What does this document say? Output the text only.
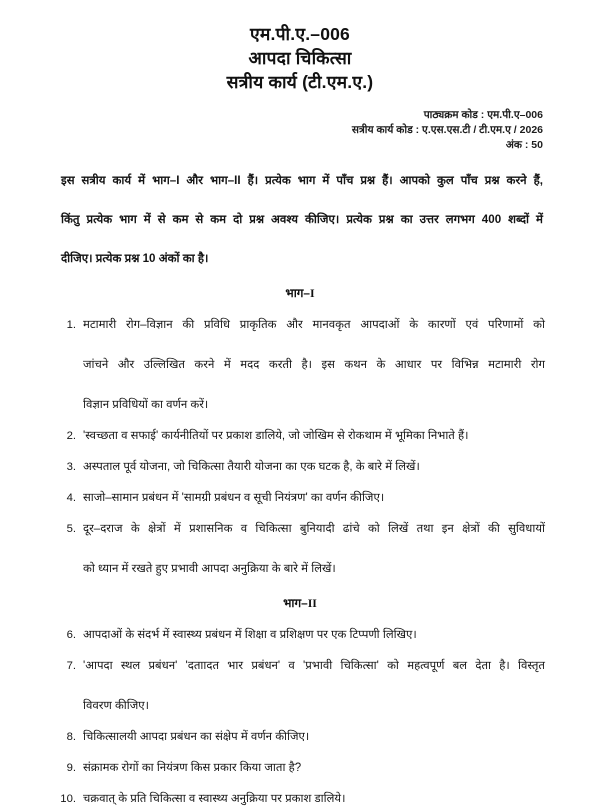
एम.पी.ए.–006
आपदा चिकित्सा
सत्रीय कार्य (टी.एम.ए.)
पाठ्यक्रम कोड : एम.पी.ए–006
सत्रीय कार्य कोड : ए.एस.एस.टी / टी.एम.ए / 2026
अंक : 50
इस सत्रीय कार्य में भाग–I और भाग–II हैं। प्रत्येक भाग में पाँच प्रश्न हैं। आपको कुल पाँच प्रश्न करने हैं,
किंतु प्रत्येक भाग में से कम से कम दो प्रश्न अवश्य कीजिए। प्रत्येक प्रश्न का उत्तर लगभग 400 शब्दों में
दीजिए। प्रत्येक प्रश्न 10 अंकों का है।
भाग–I
1. मटामारी रोग–विज्ञान की प्रविधि प्राकृतिक और मानवकृत आपदाओं के कारणों एवं परिणामों को
जांचने और उल्लिखित करने में मदद करती है। इस कथन के आधार पर विभिन्न मटामारी रोग
विज्ञान प्रविधियों का वर्णन करें।
2. 'स्वच्छता व सफाई' कार्यनीतियों पर प्रकाश डालिये, जो जोखिम से रोकथाम में भूमिका निभाते हैं।
3. अस्पताल पूर्व योजना, जो चिकित्सा तैयारी योजना का एक घटक है, के बारे में लिखें।
4. साजो–सामान प्रबंधन में 'सामग्री प्रबंधन व सूची नियंत्रण' का वर्णन कीजिए।
5. दूर–दराज के क्षेत्रों में प्रशासनिक व चिकित्सा बुनियादी ढांचे को लिखें तथा इन क्षेत्रों की सुविधायों
को ध्यान में रखते हुए प्रभावी आपदा अनुक्रिया के बारे में लिखें।
भाग–II
6. आपदाओं के संदर्भ में स्वास्थ्य प्रबंधन में शिक्षा व प्रशिक्षण पर एक टिप्पणी लिखिए।
7. 'आपदा स्थल प्रबंधन' 'दताादत भार प्रबंधन' व 'प्रभावी चिकित्सा' को महत्वपूर्ण बल देता है। विस्तृत
विवरण कीजिए।
8. चिकित्सालयी आपदा प्रबंधन का संक्षेप में वर्णन कीजिए।
9. संक्रामक रोगों का नियंत्रण किस प्रकार किया जाता है?
10. चक्रवात् के प्रति चिकित्सा व स्वास्थ्य अनुक्रिया पर प्रकाश डालिये।
